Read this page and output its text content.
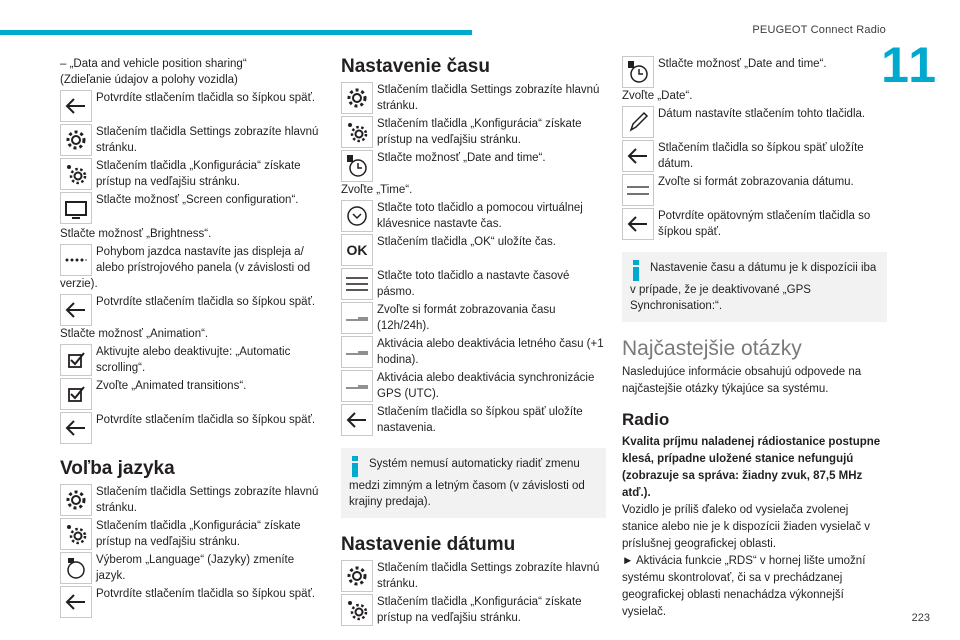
PEUGEOT Connect Radio
11
223
– „Data and vehicle position sharing“
(Zdieľanie údajov a polohy vozidla)
Potvrdíte stlačením tlačidla so šípkou späť.
Stlačením tlačidla Settings zobrazíte hlavnú stránku.
Stlačením tlačidla „Konfigurácia“ získate prístup na vedľajšiu stránku.
Stlačte možnosť „Screen configuration“.
Stlačte možnosť „Brightness“.
Pohybom jazdca nastavíte jas displeja a/ alebo prístrojového panela (v závislosti od
verzie).
Potvrdíte stlačením tlačidla so šípkou späť.
Stlačte možnosť „Animation“.
Aktivujte alebo deaktivujte: „Automatic scrolling“.
Zvoľte „Animated transitions“.
Potvrdíte stlačením tlačidla so šípkou späť.
Voľba jazyka
Stlačením tlačidla Settings zobrazíte hlavnú stránku.
Stlačením tlačidla „Konfigurácia“ získate prístup na vedľajšiu stránku.
Výberom „Language“ (Jazyky) zmeníte jazyk.
Potvrdíte stlačením tlačidla so šípkou späť.
Nastavenie času
Stlačením tlačidla Settings zobrazíte hlavnú stránku.
Stlačením tlačidla „Konfigurácia“ získate prístup na vedľajšiu stránku.
Stlačte možnosť „Date and time“.
Zvoľte „Time“.
Stlačte toto tlačidlo a pomocou virtuálnej klávesnice nastavte čas.
OK Stlačením tlačidla „OK“ uložíte čas.
Stlačte toto tlačidlo a nastavte časové pásmo.
Zvoľte si formát zobrazovania času (12h/24h).
Aktivácia alebo deaktivácia letného času (+1 hodina).
Aktivácia alebo deaktivácia synchronizácie GPS (UTC).
Stlačením tlačidla so šípkou späť uložíte nastavenia.
Systém nemusí automaticky riadiť zmenu medzi zimným a letným časom (v závislosti od krajiny predaja).
Nastavenie dátumu
Stlačením tlačidla Settings zobrazíte hlavnú stránku.
Stlačením tlačidla „Konfigurácia“ získate prístup na vedľajšiu stránku.
Stlačte možnosť „Date and time“.
Zvoľte „Date“.
Dátum nastavíte stlačením tohto tlačidla.
Stlačením tlačidla so šípkou späť uložíte dátum.
Zvoľte si formát zobrazovania dátumu.
Potvrdíte opätovným stlačením tlačidla so šípkou späť.
Nastavenie času a dátumu je k dispozícii iba v prípade, že je deaktivované „GPS Synchronisation:“.
Najčastejšie otázky
Nasledujúce informácie obsahujú odpovede na najčastejšie otázky týkajúce sa systému.
Radio
Kvalita príjmu naladenej rádiostanice postupne klesá, prípadne uložené stanice nefungujú (zobrazuje sa správa: žiadny zvuk, 87,5 MHz atď.).
Vozidlo je príliš ďaleko od vysielača zvolenej stanice alebo nie je k dispozícii žiaden vysielač v príslušnej geografickej oblasti.
► Aktivácia funkcie „RDS“ v hornej lište umožní systému skontrolovať, či sa v prechádzanej geografickej oblasti nenachádza výkonnejší vysielač.
